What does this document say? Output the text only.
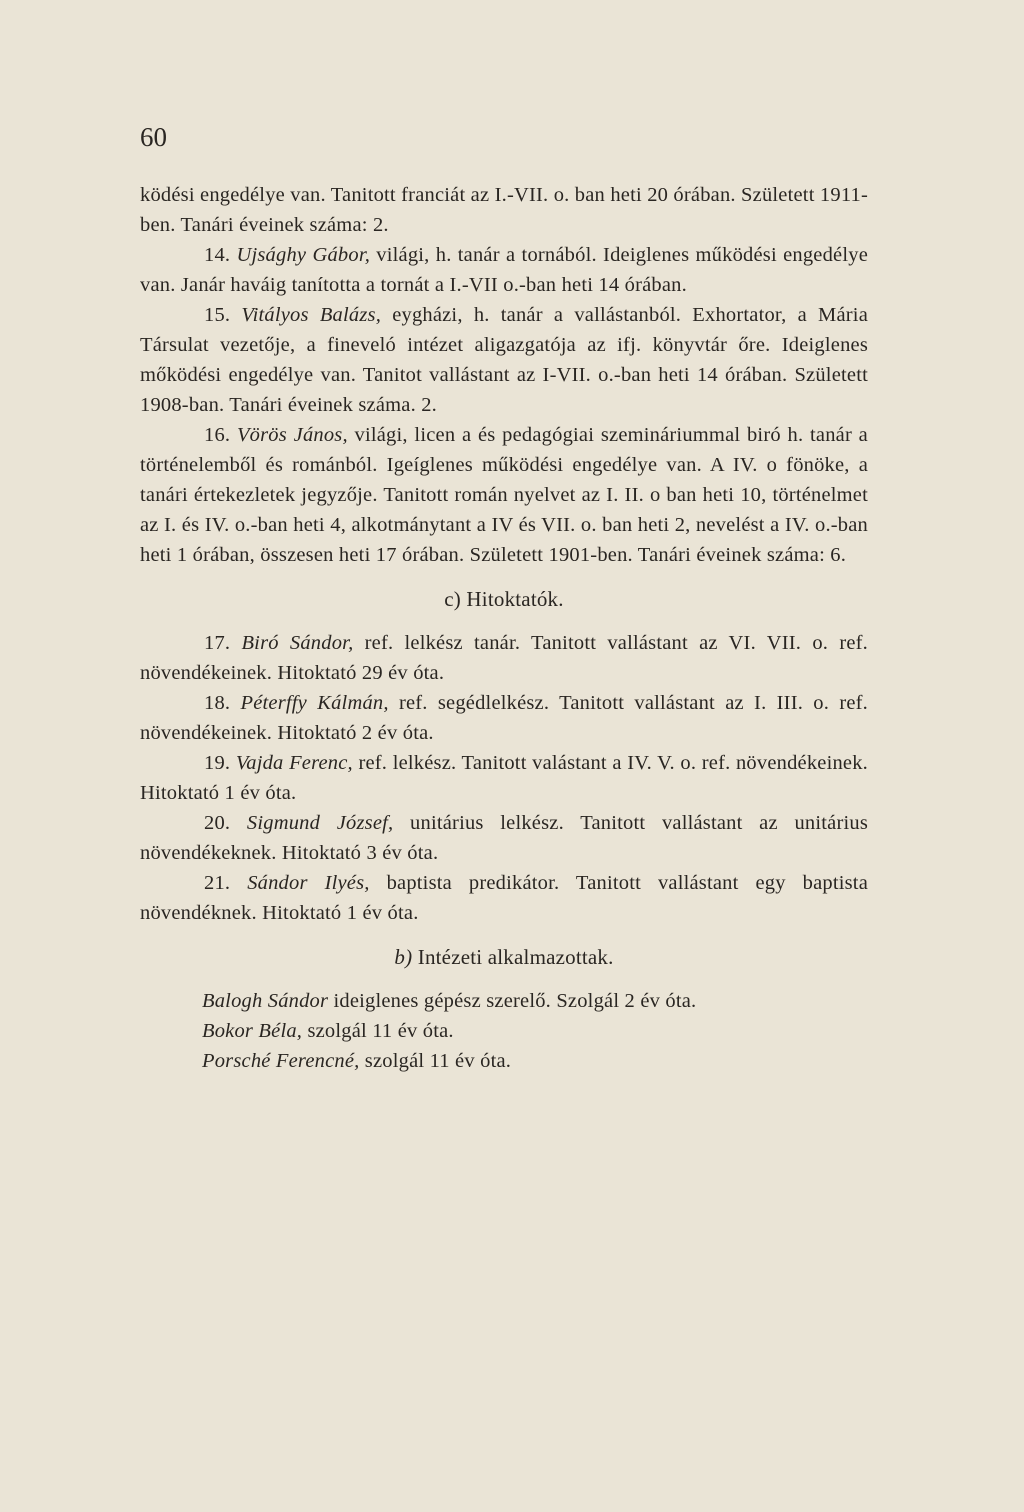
60

ködési engedélye van. Tanitott franciát az I.-VII. o. ban heti 20 órában. Született 1911-ben. Tanári éveinek száma: 2.

14. Ujsághy Gábor, világi, h. tanár a tornából. Ideiglenes működési engedélye van. Janár haváig tanította a tornát a I.-VII o.-ban heti 14 órában.

15. Vitályos Balázs, eygházi, h. tanár a vallástanból. Exhortator, a Mária Társulat vezetője, a fineveló intézet aligazgatója az ifj. könyvtár őre. Ideiglenes mőködési engedélye van. Tanitot vallástant az I-VII. o.-ban heti 14 órában. Született 1908-ban. Tanári éveinek száma. 2.

16. Vörös János, világi, licen a és pedagógiai szemináriummal biró h. tanár a történelemből és románból. Igeíglenes működési engedélye van. A IV. o fönöke, a tanári értekezletek jegyzője. Tanitott román nyelvet az I. II. o ban heti 10, történelmet az I. és IV. o.-ban heti 4, alkotmánytant a IV és VII. o. ban heti 2, nevelést a IV. o.-ban heti 1 órában, összesen heti 17 órában. Született 1901-ben. Tanári éveinek száma: 6.

c) Hitoktatók.

17. Biró Sándor, ref. lelkész tanár. Tanitott vallástant az VI. VII. o. ref. növendékeinek. Hitoktató 29 év óta.

18. Péterffy Kálmán, ref. segédlelkész. Tanitott vallástant az I. III. o. ref. növendékeinek. Hitoktató 2 év óta.

19. Vajda Ferenc, ref. lelkész. Tanitott valástant a IV. V. o. ref. növendékeinek. Hitoktató 1 év óta.

20. Sigmund József, unitárius lelkész. Tanitott vallástant az unitárius növendékeknek. Hitoktató 3 év óta.

21. Sándor Ilyés, baptista predikátor. Tanitott vallástant egy baptista növendéknek. Hitoktató 1 év óta.

b) Intézeti alkalmazottak.

Balogh Sándor ideiglenes gépész szerelő. Szolgál 2 év óta.

Bokor Béla, szolgál 11 év óta.

Porsché Ferencné, szolgál 11 év óta.
